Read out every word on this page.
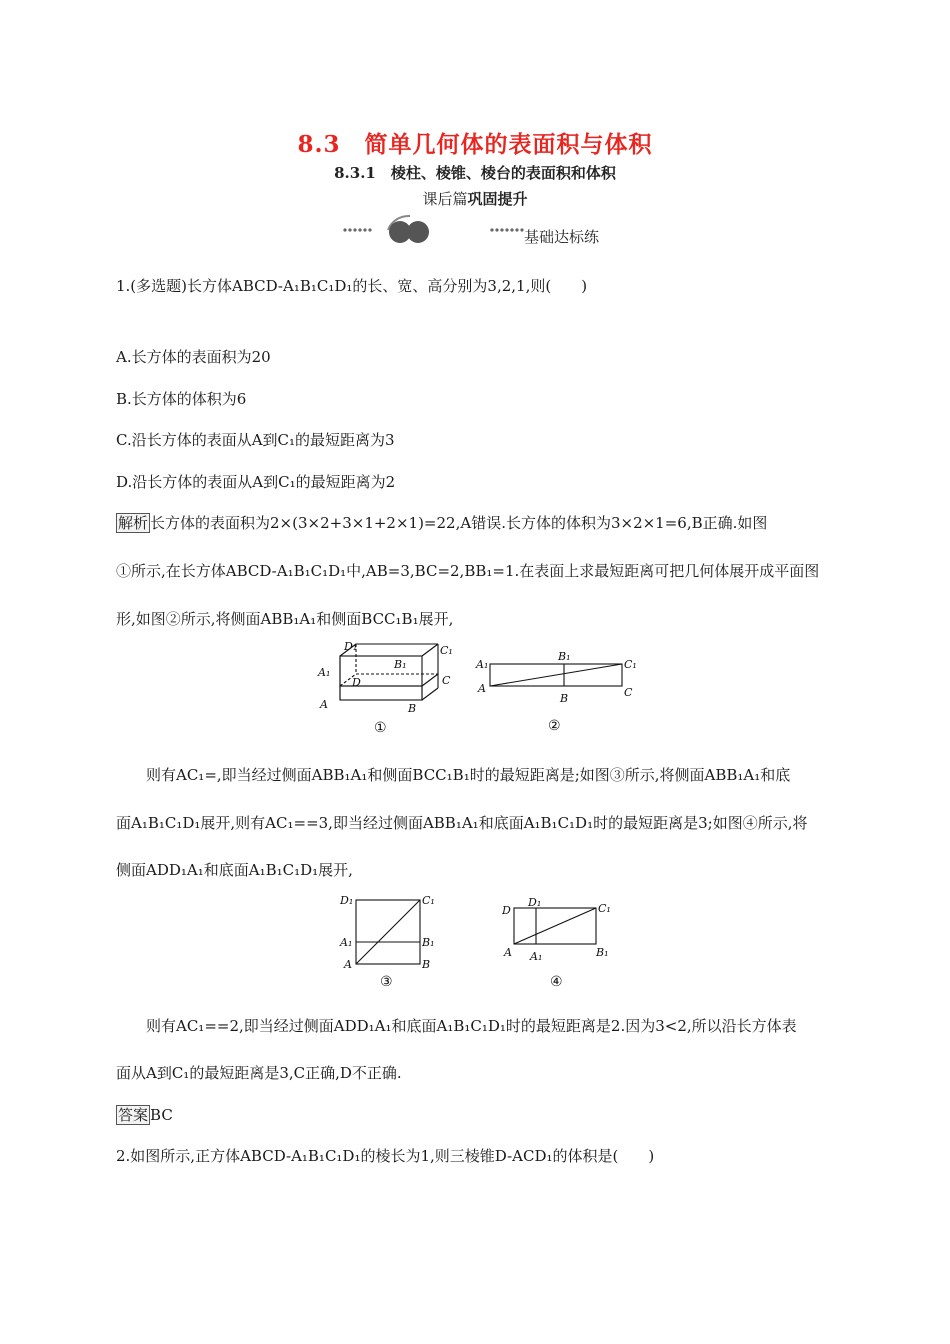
8.3　简单几何体的表面积与体积
8.3.1　棱柱、棱锥、棱台的表面积和体积
课后篇巩固提升
基础达标练
1.(多选题)长方体ABCD-A₁B₁C₁D₁的长、宽、高分别为3,2,1,则(　　)
A.长方体的表面积为20
B.长方体的体积为6
C.沿长方体的表面从A到C₁的最短距离为3
D.沿长方体的表面从A到C₁的最短距离为2
解析 长方体的表面积为2×(3×2+3×1+2×1)=22,A错误.长方体的体积为3×2×1=6,B正确.如图
①所示,在长方体ABCD-A₁B₁C₁D₁中,AB=3,BC=2,BB₁=1.在表面上求最短距离可把几何体展开成平面图
形,如图②所示,将侧面ABB₁A₁和侧面BCC₁B₁展开,
D₁	C₁
B₁
A₁
D	C
A	B
①
A₁
B₁
C₁
A
B	C
②
则有AC₁=,即当经过侧面ABB₁A₁和侧面BCC₁B₁时的最短距离是;如图③所示,将侧面ABB₁A₁和底
面A₁B₁C₁D₁展开,则有AC₁==3,即当经过侧面ABB₁A₁和底面A₁B₁C₁D₁时的最短距离是3;如图④所示,将
侧面ADD₁A₁和底面A₁B₁C₁D₁展开,
D₁	C₁
A₁	B₁
A	B
③
D
D₁	C₁
A A₁	B₁
④
则有AC₁==2,即当经过侧面ADD₁A₁和底面A₁B₁C₁D₁时的最短距离是2.因为3<2,所以沿长方体表
面从A到C₁的最短距离是3,C正确,D不正确.
答案 BC
2.如图所示,正方体ABCD-A₁B₁C₁D₁的棱长为1,则三棱锥D-ACD₁的体积是(　　)
